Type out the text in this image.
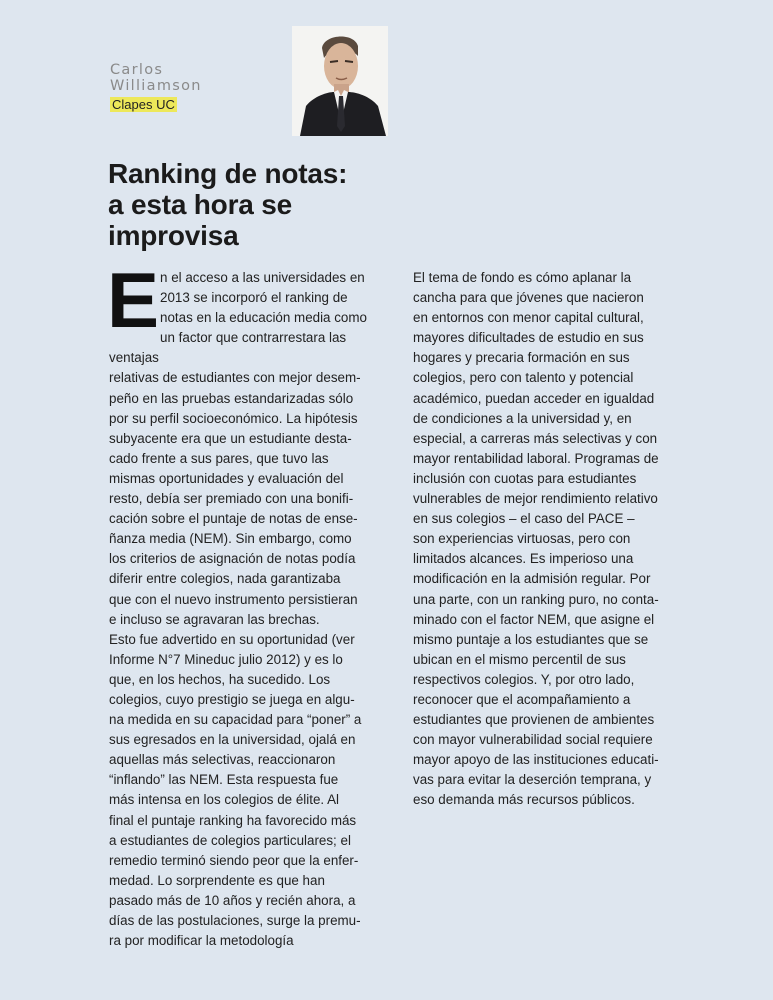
Carlos
Williamson
Clapes UC
Ranking de notas:
a esta hora se
improvisa
E n el acceso a las universidades en
2013 se incorporó el ranking de
notas en la educación media como
un factor que contrarrestara las ventajas
relativas de estudiantes con mejor desem-
peño en las pruebas estandarizadas sólo
por su perfil socioeconómico. La hipótesis
subyacente era que un estudiante desta-
cado frente a sus pares, que tuvo las
mismas oportunidades y evaluación del
resto, debía ser premiado con una bonifi-
cación sobre el puntaje de notas de ense-
ñanza media (NEM). Sin embargo, como
los criterios de asignación de notas podía
diferir entre colegios, nada garantizaba
que con el nuevo instrumento persistieran
e incluso se agravaran las brechas.

Esto fue advertido en su oportunidad (ver
Informe N°7 Mineduc julio 2012) y es lo
que, en los hechos, ha sucedido. Los
colegios, cuyo prestigio se juega en algu-
na medida en su capacidad para “poner” a
sus egresados en la universidad, ojalá en
aquellas más selectivas, reaccionaron
“inflando” las NEM. Esta respuesta fue
más intensa en los colegios de élite. Al
final el puntaje ranking ha favorecido más
a estudiantes de colegios particulares; el
remedio terminó siendo peor que la enfer-
medad. Lo sorprendente es que han
pasado más de 10 años y recién ahora, a
días de las postulaciones, surge la premu-
ra por modificar la metodología

El tema de fondo es cómo aplanar la
cancha para que jóvenes que nacieron
en entornos con menor capital cultural,
mayores dificultades de estudio en sus
hogares y precaria formación en sus
colegios, pero con talento y potencial
académico, puedan acceder en igualdad
de condiciones a la universidad y, en
especial, a carreras más selectivas y con
mayor rentabilidad laboral. Programas de
inclusión con cuotas para estudiantes
vulnerables de mejor rendimiento relativo
en sus colegios – el caso del PACE –
son experiencias virtuosas, pero con
limitados alcances. Es imperioso una
modificación en la admisión regular. Por
una parte, con un ranking puro, no conta-
minado con el factor NEM, que asigne el
mismo puntaje a los estudiantes que se
ubican en el mismo percentil de sus
respectivos colegios. Y, por otro lado,
reconocer que el acompañamiento a
estudiantes que provienen de ambientes
con mayor vulnerabilidad social requiere
mayor apoyo de las instituciones educati-
vas para evitar la deserción temprana, y
eso demanda más recursos públicos.
